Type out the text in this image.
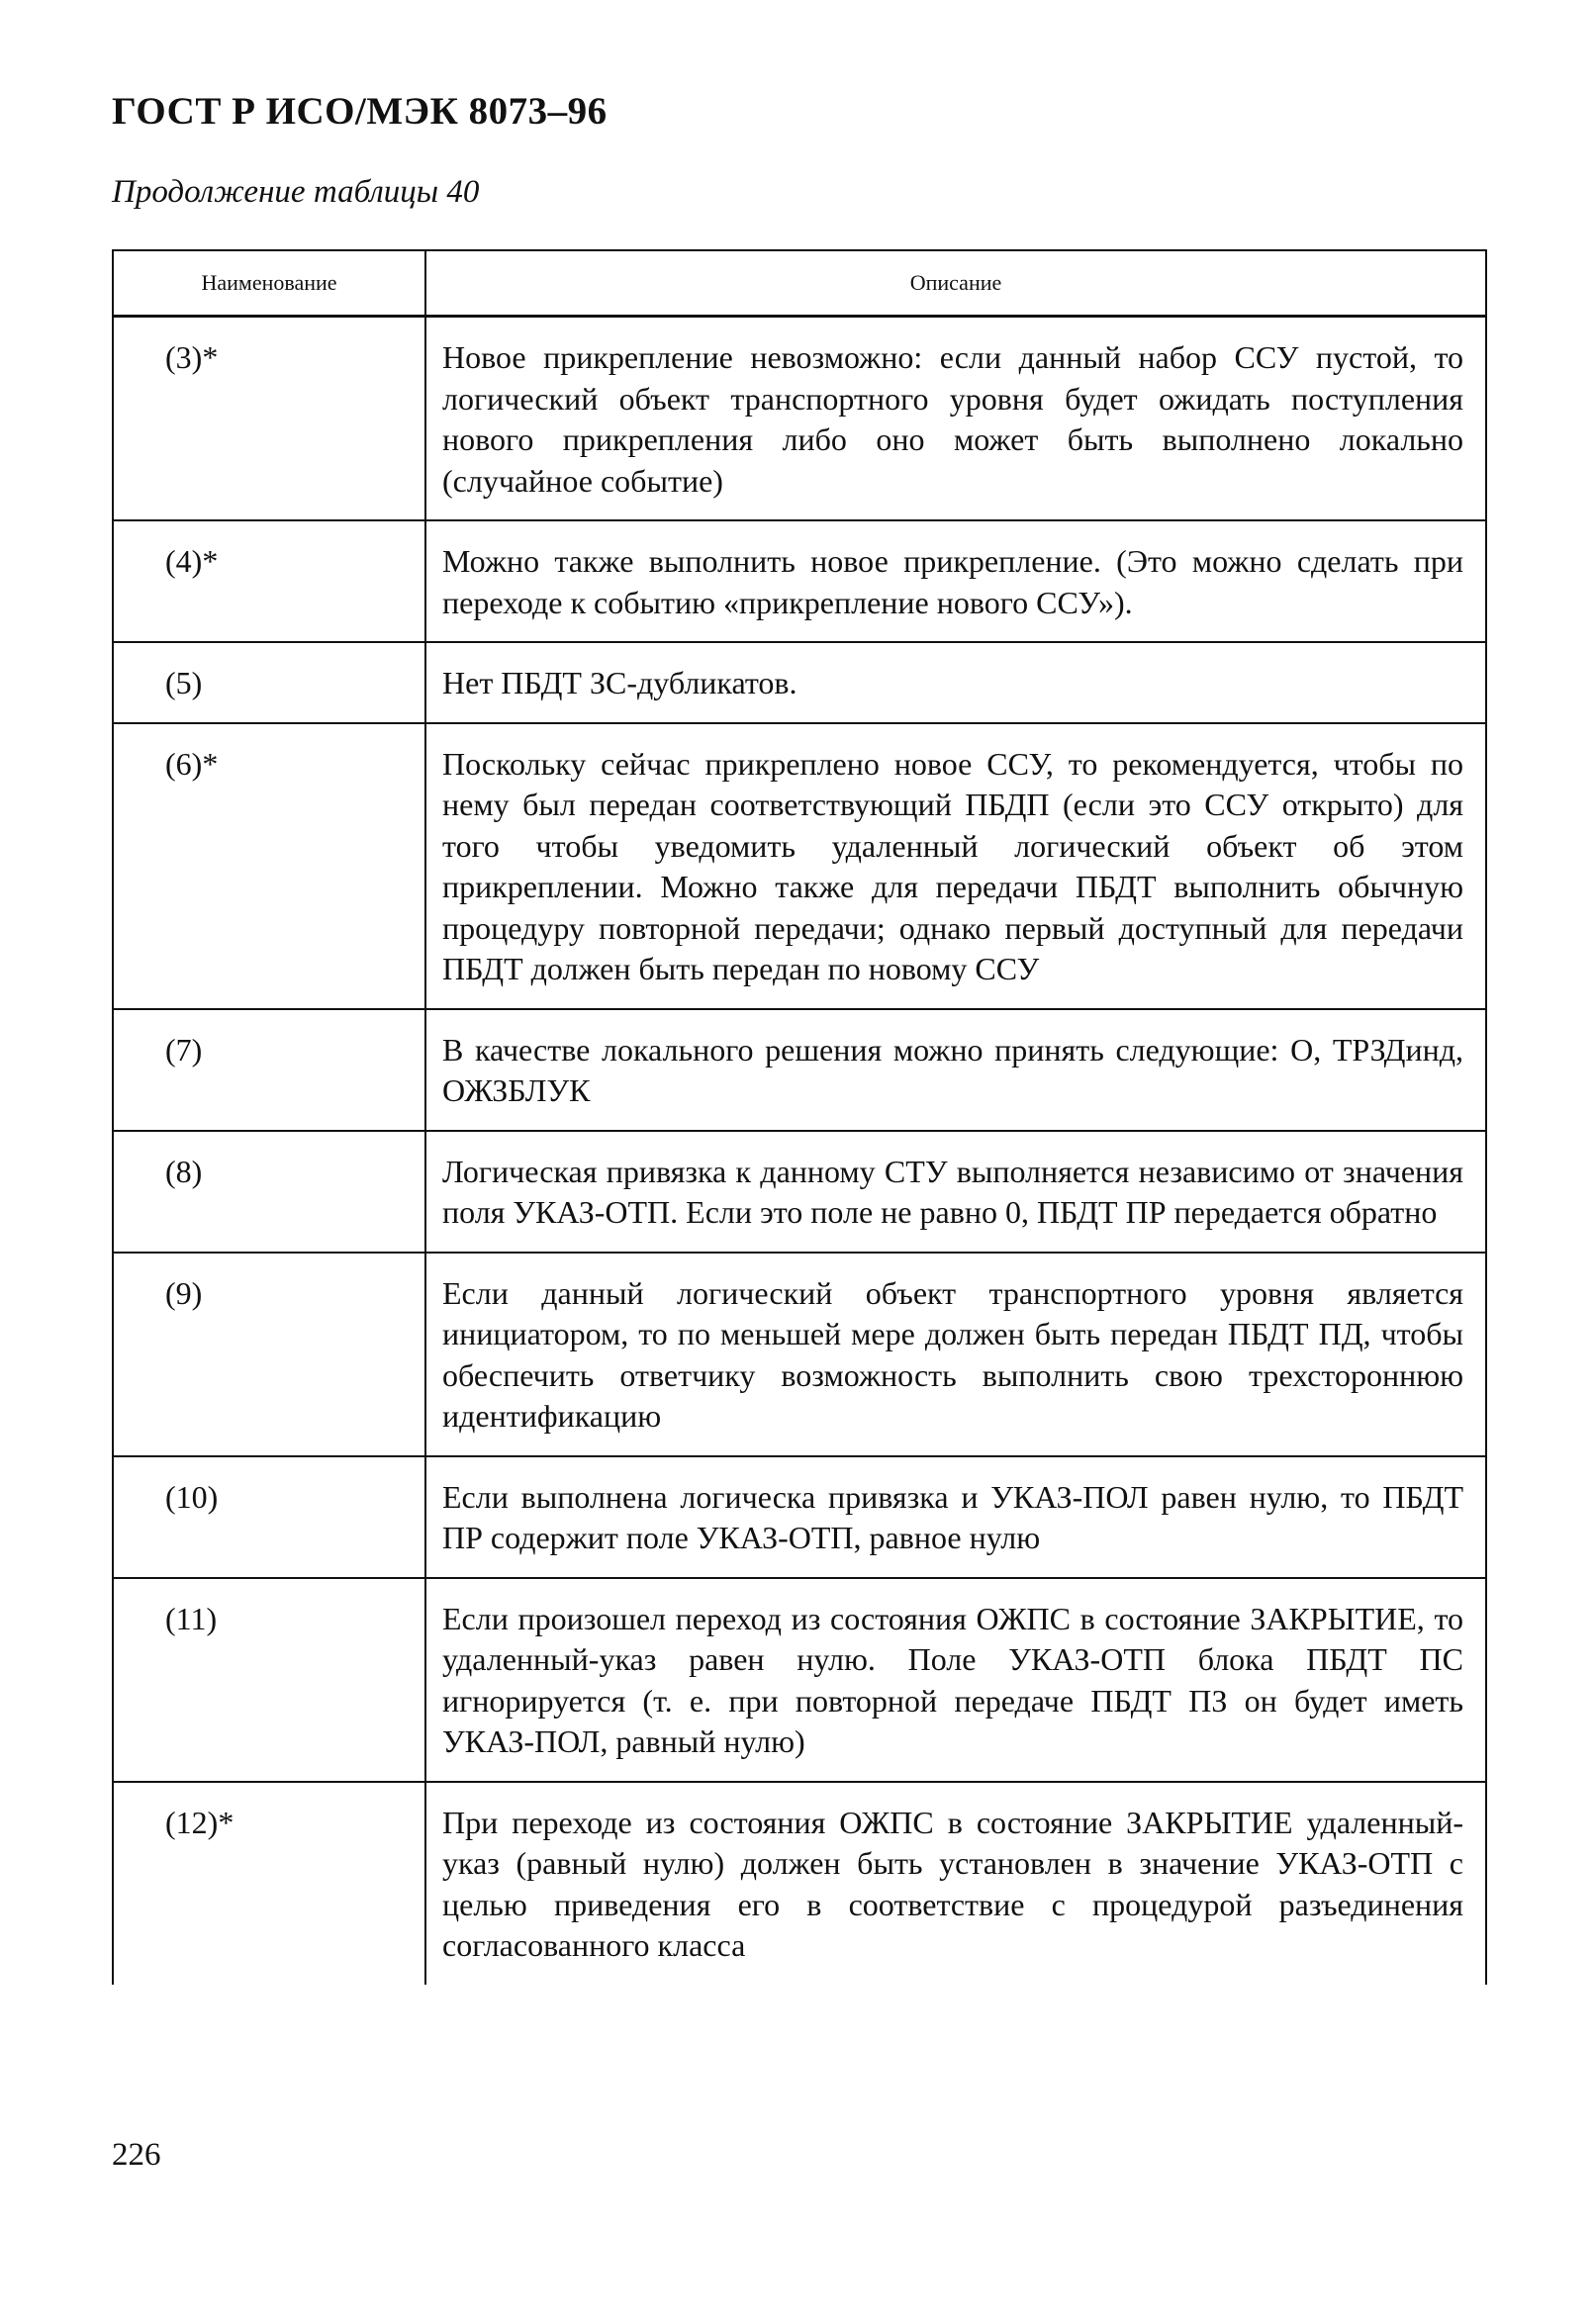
ГОСТ Р ИСО/МЭК 8073–96

Продолжение таблицы 40

Наименование	Описание
(3)*	Новое прикрепление невозможно: если данный набор ССУ пустой, то логический объект транспортного уровня будет ожидать поступления нового прикрепления либо оно может быть выполнено локально (случайное событие)
(4)*	Можно также выполнить новое прикрепление. (Это можно сделать при переходе к событию «прикрепление нового ССУ»).
(5)	Нет ПБДТ ЗС-дубликатов.
(6)*	Поскольку сейчас прикреплено новое ССУ, то рекомендуется, чтобы по нему был передан соответствующий ПБДП (если это ССУ открыто) для того чтобы уведомить удаленный логический объект об этом прикреплении. Можно также для передачи ПБДТ выполнить обычную процедуру повторной передачи; однако первый доступный для передачи ПБДТ должен быть передан по новому ССУ
(7)	В качестве локального решения можно принять следующие: О, ТРЗДинд, ОЖЗБЛУК
(8)	Логическая привязка к данному СТУ выполняется независимо от значения поля УКАЗ-ОТП. Если это поле не равно 0, ПБДТ ПР передается обратно
(9)	Если данный логический объект транспортного уровня является инициатором, то по меньшей мере должен быть передан ПБДТ ПД, чтобы обеспечить ответчику возможность выполнить свою трехстороннюю идентификацию
(10)	Если выполнена логическа привязка и УКАЗ-ПОЛ равен нулю, то ПБДТ ПР содержит поле УКАЗ-ОТП, равное нулю
(11)	Если произошел переход из состояния ОЖПС в состояние ЗАКРЫТИЕ, то удаленный-указ равен нулю. Поле УКАЗ-ОТП блока ПБДТ ПС игнорируется (т. е. при повторной передаче ПБДТ ПЗ он будет иметь УКАЗ-ПОЛ, равный нулю)
(12)*	При переходе из состояния ОЖПС в состояние ЗАКРЫТИЕ удаленный-указ (равный нулю) должен быть установлен в значение УКАЗ-ОТП с целью приведения его в соответствие с процедурой разъединения согласованного класса

226
